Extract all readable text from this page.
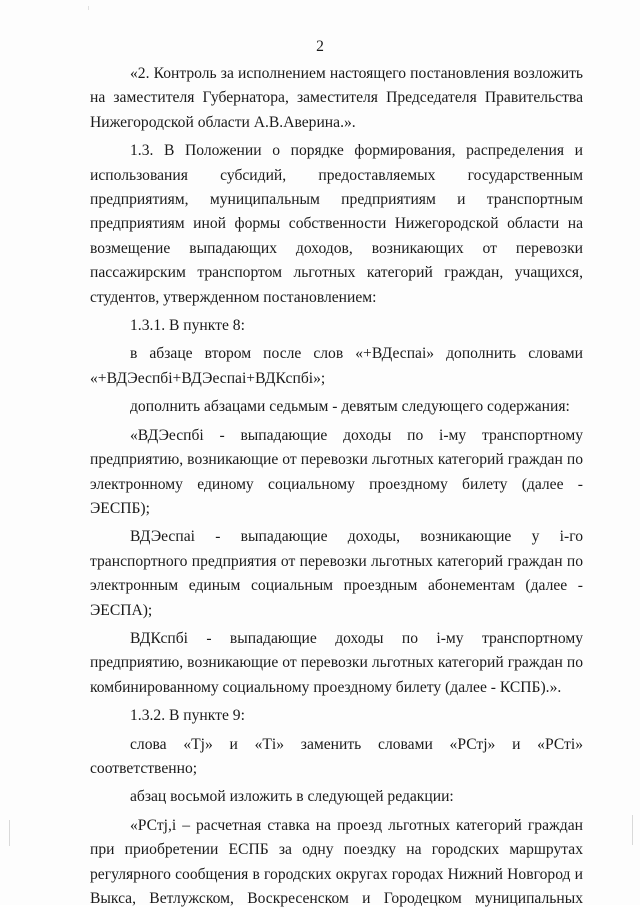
2

«2. Контроль за исполнением настоящего постановления возложить на заместителя Губернатора, заместителя Председателя Правительства Нижегородской области А.В.Аверина.».

1.3. В Положении о порядке формирования, распределения и использования субсидий, предоставляемых государственным предприятиям, муниципальным предприятиям и транспортным предприятиям иной формы собственности Нижегородской области на возмещение выпадающих доходов, возникающих от перевозки пассажирским транспортом льготных категорий граждан, учащихся, студентов, утвержденном постановлением:

1.3.1. В пункте 8:

в абзаце втором после слов «+ВДеспаі» дополнить словами «+ВДЭеспбі+ВДЭеспаі+ВДКспбі»;

дополнить абзацами седьмым - девятым следующего содержания:

«ВДЭеспбі - выпадающие доходы по і-му транспортному предприятию, возникающие от перевозки льготных категорий граждан по электронному единому социальному проездному билету (далее - ЭЕСПБ);

ВДЭеспаі - выпадающие доходы, возникающие у і-го транспортного предприятия от перевозки льготных категорий граждан по электронным единым социальным проездным абонементам (далее - ЭЕСПА);

ВДКспбі - выпадающие доходы по і-му транспортному предприятию, возникающие от перевозки льготных категорий граждан по комбинированному социальному проездному билету (далее - КСПБ).».

1.3.2. В пункте 9:

слова «Тј» и «Ті» заменить словами «РСтј» и «РСті» соответственно;

абзац восьмой изложить в следующей редакции:

«РСтј,і – расчетная ставка на проезд льготных категорий граждан при приобретении ЕСПБ за одну поездку на городских маршрутах регулярного сообщения в городских округах городах Нижний Новгород и Выкса, Ветлужском, Воскресенском и Городецком муниципальных
